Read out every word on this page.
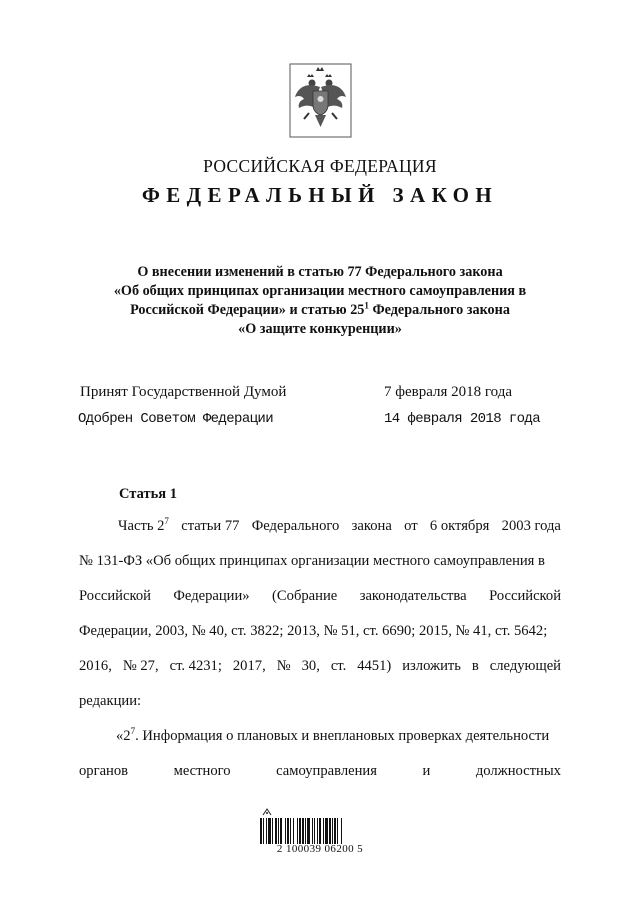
РОССИЙСКАЯ ФЕДЕРАЦИЯ
ФЕДЕРАЛЬНЫЙ ЗАКОН
О внесении изменений в статью 77 Федерального закона
«Об общих принципах организации местного самоуправления в
Российской Федерации» и статью $25^1$ Федерального закона
«О защите конкуренции»
Принят Государственной Думой	7 февраля 2018 года
Одобрен Советом Федерации	14 февраля 2018 года
Статья 1
Часть $2^7$ статьи 77 Федерального закона от 6 октября 2003 года
№ 131-ФЗ «Об общих принципах организации местного самоуправления в
Российской Федерации» (Собрание законодательства Российской
Федерации, 2003, № 40, ст. 3822; 2013, № 51, ст. 6690; 2015, № 41, ст. 5642;
2016, № 27, ст. 4231; 2017, № 30, ст. 4451) изложить в следующей
редакции:
«$2^7$. Информация о плановых и внеплановых проверках деятельности
органов	местного	самоуправления	и	должностных
2 100039 06200 5
